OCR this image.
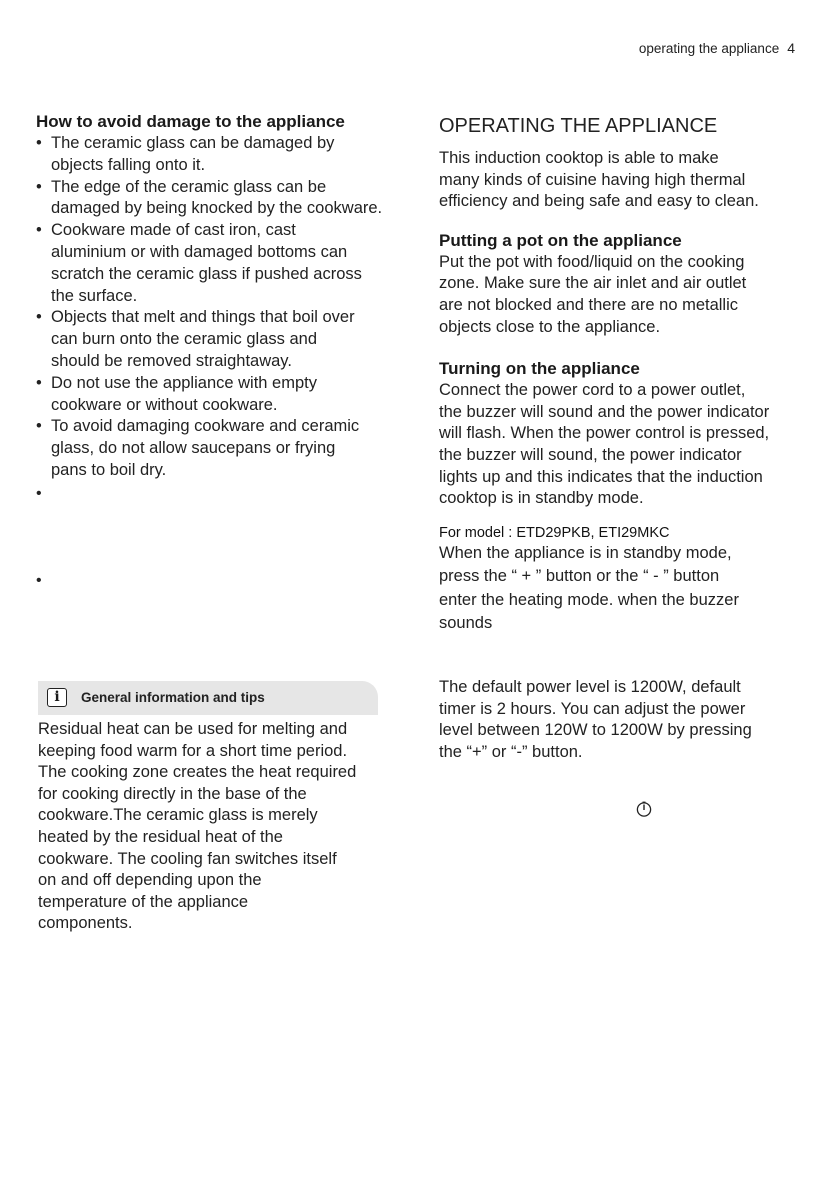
operating the appliance 4
How to avoid damage to the appliance
• The ceramic glass can be damaged by
objects falling onto it.
• The edge of the ceramic glass can be
damaged by being knocked by the cookware.
• Cookware made of cast iron, cast
aluminium or with damaged bottoms can
scratch the ceramic glass if pushed across
the surface.
• Objects that melt and things that boil over
can burn onto the ceramic glass and
should be removed straightaway.
• Do not use the appliance with empty
cookware or without cookware.
• To avoid damaging cookware and ceramic
glass, do not allow saucepans or frying
pans to boil dry.
•
•
i	General information and tips
Residual heat can be used for melting and
keeping food warm for a short time period.
The cooking zone creates the heat required
for cooking directly in the base of the
cookware.The ceramic glass is merely
heated by the residual heat of the
cookware. The cooling fan switches itself
on and off depending upon the
temperature of the appliance
components.
OPERATING THE APPLIANCE
This induction cooktop is able to make
many kinds of cuisine having high thermal
efficiency and being safe and easy to clean.
Putting a pot on the appliance
Put the pot with food/liquid on the cooking
zone. Make sure the air inlet and air outlet
are not blocked and there are no metallic
objects close to the appliance.
Turning on the appliance
Connect the power cord to a power outlet,
the buzzer will sound and the power indicator
will flash. When the power control is pressed,
the buzzer will sound, the power indicator
lights up and this indicates that the induction
cooktop is in standby mode.
For model : ETD29PKB, ETI29MKC
When the appliance is in standby mode,
press the “ + ” button or the “ - ” button
enter the heating mode. when the buzzer
sounds
The default power level is 1200W, default
timer is 2 hours. You can adjust the power
level between 120W to 1200W by pressing
the “+” or “-” button.
